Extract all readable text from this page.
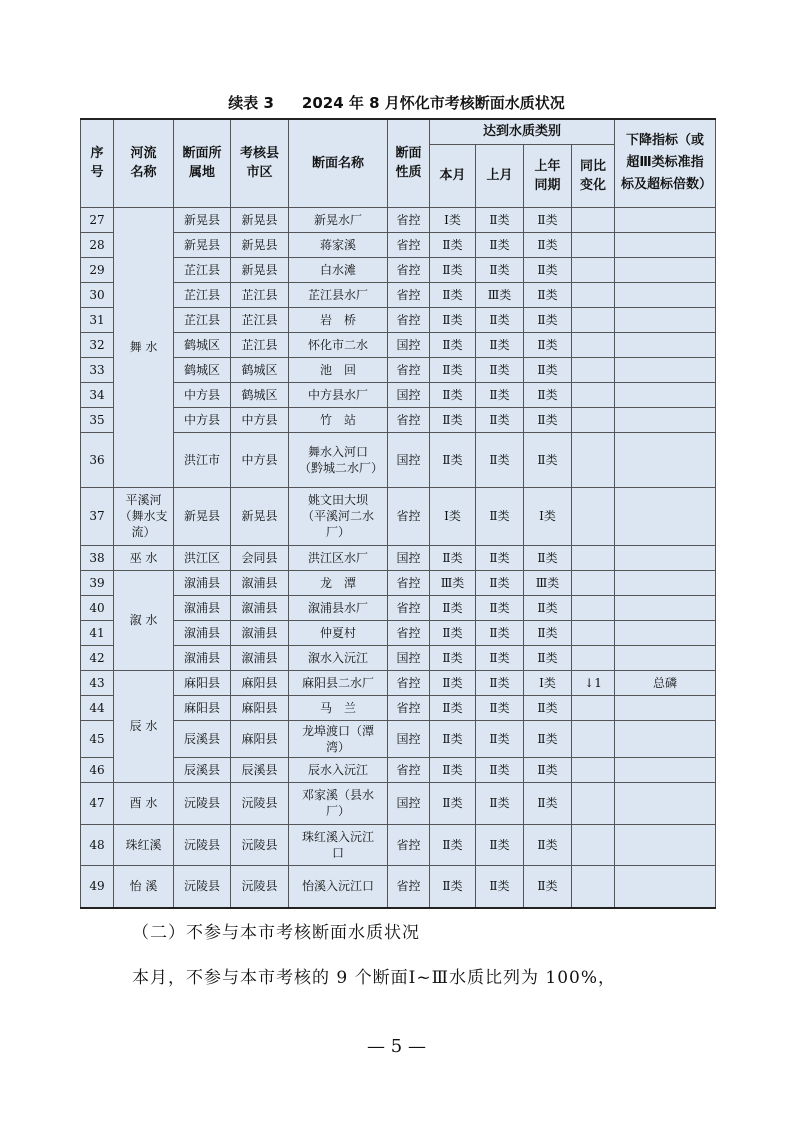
续表 3 2024 年 8 月怀化市考核断面水质状况
序号	河流名称	断面所属地	考核县市区	断面名称	断面性质	达到水质类别				下降指标（或超Ⅲ类标准指标及超标倍数）
						本月	上月	上年同期	同比变化	
27	舞 水	新晃县	新晃县	新晃水厂	省控	Ⅰ类	Ⅱ类	Ⅱ类		
28		新晃县	新晃县	蒋家溪	省控	Ⅱ类	Ⅱ类	Ⅱ类		
29		芷江县	新晃县	白水滩	省控	Ⅱ类	Ⅱ类	Ⅱ类		
30		芷江县	芷江县	芷江县水厂	省控	Ⅱ类	Ⅲ类	Ⅱ类		
31		芷江县	芷江县	岩　桥	省控	Ⅱ类	Ⅱ类	Ⅱ类		
32		鹤城区	芷江县	怀化市二水	国控	Ⅱ类	Ⅱ类	Ⅱ类		
33		鹤城区	鹤城区	池　回	省控	Ⅱ类	Ⅱ类	Ⅱ类		
34		中方县	鹤城区	中方县水厂	国控	Ⅱ类	Ⅱ类	Ⅱ类		
35		中方县	中方县	竹　站	省控	Ⅱ类	Ⅱ类	Ⅱ类		
36		洪江市	中方县	舞水入河口（黔城二水厂）	国控	Ⅱ类	Ⅱ类	Ⅱ类		
37	平溪河（舞水支流）	新晃县	新晃县	姚文田大坝（平溪河二水厂）	省控	Ⅰ类	Ⅱ类	Ⅰ类		
38	巫 水	洪江区	会同县	洪江区水厂	国控	Ⅱ类	Ⅱ类	Ⅱ类		
39	溆 水	溆浦县	溆浦县	龙　潭	省控	Ⅲ类	Ⅱ类	Ⅲ类		
40		溆浦县	溆浦县	溆浦县水厂	省控	Ⅱ类	Ⅱ类	Ⅱ类		
41		溆浦县	溆浦县	仲夏村	省控	Ⅱ类	Ⅱ类	Ⅱ类		
42		溆浦县	溆浦县	溆水入沅江	国控	Ⅱ类	Ⅱ类	Ⅱ类		
43	辰 水	麻阳县	麻阳县	麻阳县二水厂	省控	Ⅱ类	Ⅱ类	Ⅰ类	↓1	总磷
44		麻阳县	麻阳县	马　兰	省控	Ⅱ类	Ⅱ类	Ⅱ类		
45		辰溪县	麻阳县	龙埠渡口（潭湾）	国控	Ⅱ类	Ⅱ类	Ⅱ类		
46		辰溪县	辰溪县	辰水入沅江	省控	Ⅱ类	Ⅱ类	Ⅱ类		
47	酉 水	沅陵县	沅陵县	邓家溪（县水厂）	国控	Ⅱ类	Ⅱ类	Ⅱ类		
48	珠红溪	沅陵县	沅陵县	珠红溪入沅江口	省控	Ⅱ类	Ⅱ类	Ⅱ类		
49	怡 溪	沅陵县	沅陵县	怡溪入沅江口	省控	Ⅱ类	Ⅱ类	Ⅱ类		
（二）不参与本市考核断面水质状况
本月，不参与本市考核的 9 个断面Ⅰ~Ⅲ水质比列为 100%，
— 5 —
